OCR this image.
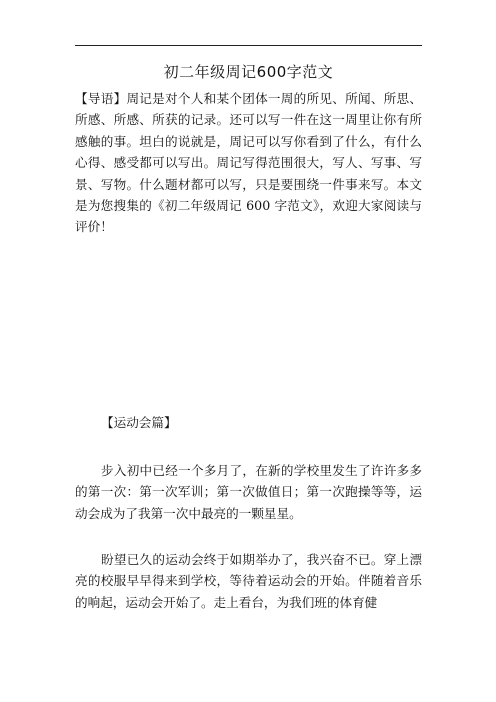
初二年级周记600字范文

【导语】周记是对个人和某个团体一周的所见、所闻、所思、所感、所感、所获的记录。还可以写一件在这一周里让你有所感触的事。坦白的说就是，周记可以写你看到了什么，有什么心得、感受都可以写出。周记写得范围很大，写人、写事、写景、写物。什么题材都可以写，只是要围绕一件事来写。本文是为您搜集的《初二年级周记 600 字范文》，欢迎大家阅读与评价！

【运动会篇】

步入初中已经一个多月了，在新的学校里发生了许许多多的第一次：第一次军训；第一次做值日；第一次跑操等等，运动会成为了我第一次中最亮的一颗星星。

盼望已久的运动会终于如期举办了，我兴奋不已。穿上漂亮的校服早早得来到学校，等待着运动会的开始。伴随着音乐的响起，运动会开始了。走上看台，为我们班的体育健
